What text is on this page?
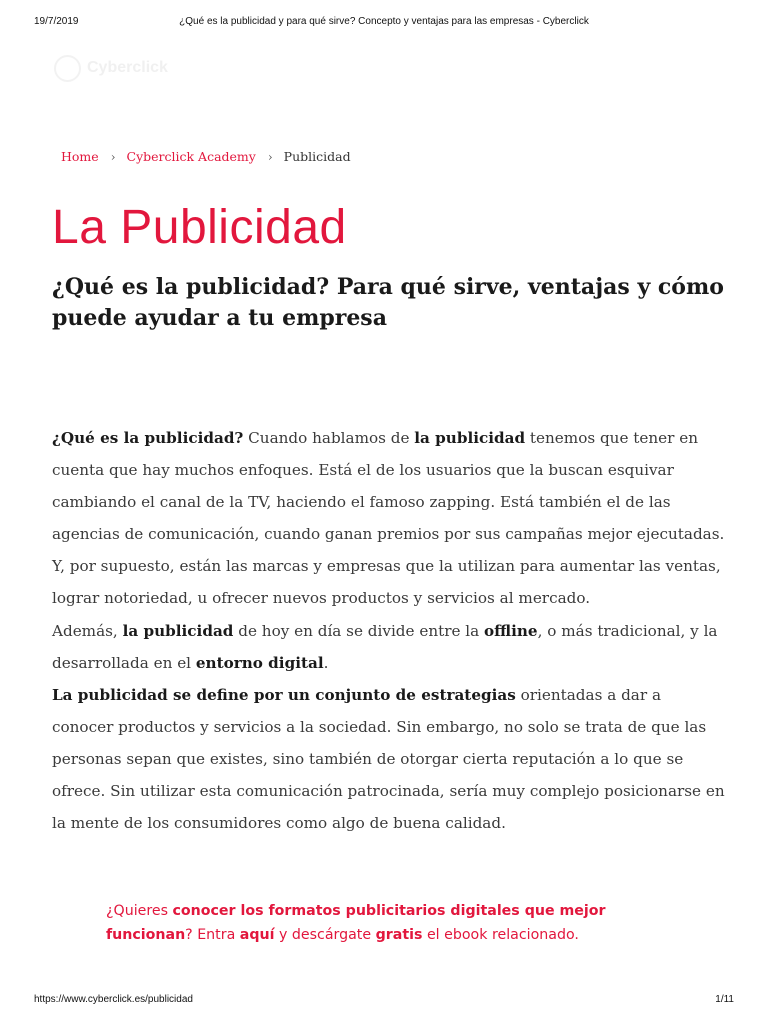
19/7/2019	¿Qué es la publicidad y para qué sirve? Concepto y ventajas para las empresas - Cyberclick
Cyberclick
Home › Cyberclick Academy › Publicidad
La Publicidad
¿Qué es la publicidad? Para qué sirve, ventajas y cómo puede ayudar a tu empresa

¿Qué es la publicidad? Cuando hablamos de la publicidad tenemos que tener en cuenta que hay muchos enfoques. Está el de los usuarios que la buscan esquivar cambiando el canal de la TV, haciendo el famoso zapping. Está también el de las agencias de comunicación, cuando ganan premios por sus campañas mejor ejecutadas. Y, por supuesto, están las marcas y empresas que la utilizan para aumentar las ventas, lograr notoriedad, u ofrecer nuevos productos y servicios al mercado.

Además, la publicidad de hoy en día se divide entre la offline, o más tradicional, y la desarrollada en el entorno digital.

La publicidad se define por un conjunto de estrategias orientadas a dar a conocer productos y servicios a la sociedad. Sin embargo, no solo se trata de que las personas sepan que existes, sino también de otorgar cierta reputación a lo que se ofrece. Sin utilizar esta comunicación patrocinada, sería muy complejo posicionarse en la mente de los consumidores como algo de buena calidad.

¿Quieres conocer los formatos publicitarios digitales que mejor funcionan? Entra aquí y descárgate gratis el ebook relacionado.
https://www.cyberclick.es/publicidad	1/11
